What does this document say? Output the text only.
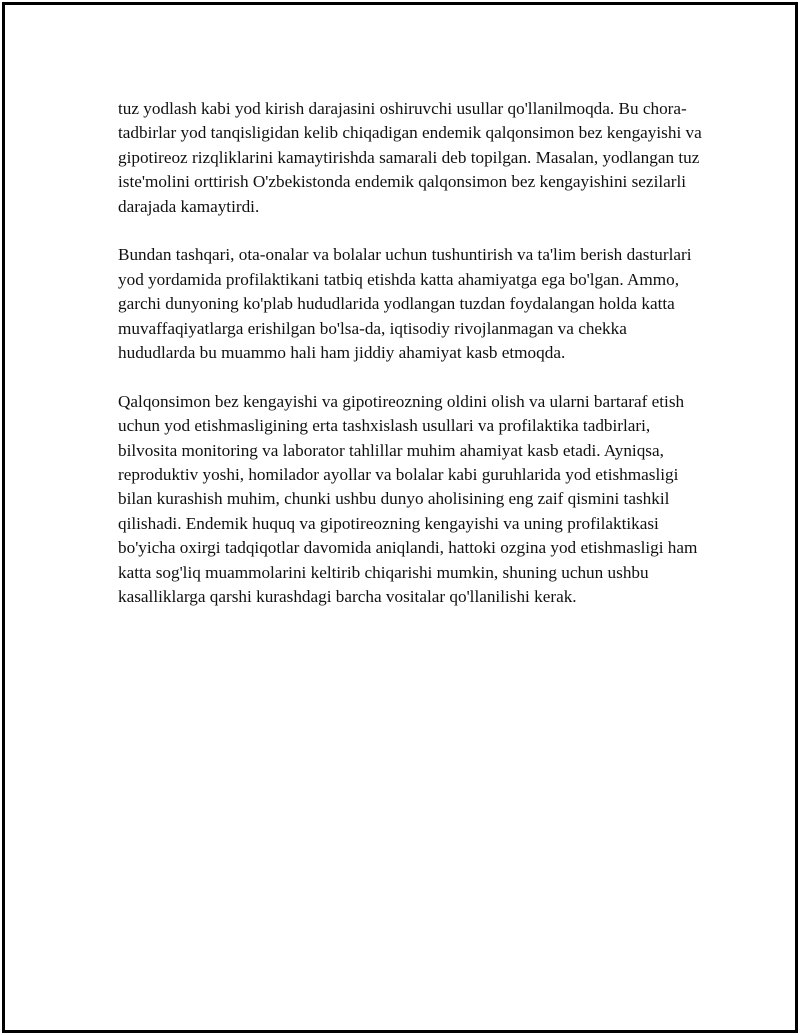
tuz yodlash kabi yod kirish darajasini oshiruvchi usullar qo'llanilmoqda. Bu chora-tadbirlar yod tanqisligidan kelib chiqadigan endemik qalqonsimon bez kengayishi va gipotireoz rizqliklarini kamaytirishda samarali deb topilgan. Masalan, yodlangan tuz iste'molini orttirish O'zbekistonda endemik qalqonsimon bez kengayishini sezilarli darajada kamaytirdi.

Bundan tashqari, ota-onalar va bolalar uchun tushuntirish va ta'lim berish dasturlari yod yordamida profilaktikani tatbiq etishda katta ahamiyatga ega bo'lgan. Ammo, garchi dunyoning ko'plab hududlarida yodlangan tuzdan foydalangan holda katta muvaffaqiyatlarga erishilgan bo'lsa-da, iqtisodiy rivojlanmagan va chekka hududlarda bu muammo hali ham jiddiy ahamiyat kasb etmoqda.

Qalqonsimon bez kengayishi va gipotireozning oldini olish va ularni bartaraf etish uchun yod etishmasligining erta tashxislash usullari va profilaktika tadbirlari, bilvosita monitoring va laborator tahlillar muhim ahamiyat kasb etadi. Ayniqsa, reproduktiv yoshi, homilador ayollar va bolalar kabi guruhlarida yod etishmasligi bilan kurashish muhim, chunki ushbu dunyo aholisining eng zaif qismini tashkil qilishadi. Endemik huquq va gipotireozning kengayishi va uning profilaktikasi bo'yicha oxirgi tadqiqotlar davomida aniqlandi, hattoki ozgina yod etishmasligi ham katta sog'liq muammolarini keltirib chiqarishi mumkin, shuning uchun ushbu kasalliklarga qarshi kurashdagi barcha vositalar qo'llanilishi kerak.
